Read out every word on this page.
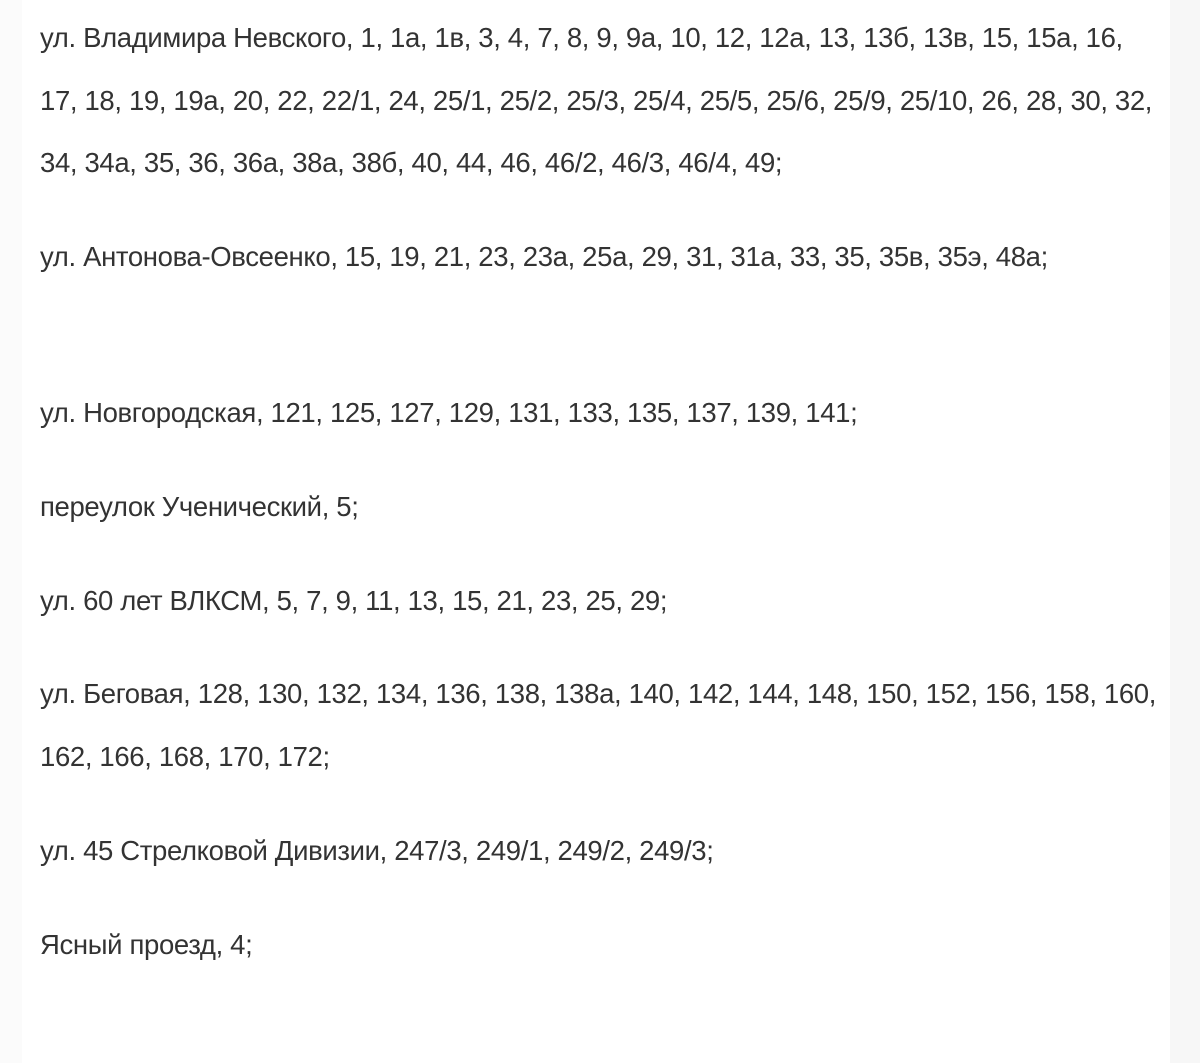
ул. Владимира Невского, 1, 1а, 1в, 3, 4, 7, 8, 9, 9а, 10, 12, 12а, 13, 13б, 13в, 15, 15а, 16, 17, 18, 19, 19а, 20, 22, 22/1, 24, 25/1, 25/2, 25/3, 25/4, 25/5, 25/6, 25/9, 25/10, 26, 28, 30, 32, 34, 34а, 35, 36, 36а, 38а, 38б, 40, 44, 46, 46/2, 46/3, 46/4, 49;

ул. Антонова-Овсеенко, 15, 19, 21, 23, 23а, 25а, 29, 31, 31а, 33, 35, 35в, 35э, 48а;

ул. Новгородская, 121, 125, 127, 129, 131, 133, 135, 137, 139, 141;

переулок Ученический, 5;

ул. 60 лет ВЛКСМ, 5, 7, 9, 11, 13, 15, 21, 23, 25, 29;

ул. Беговая, 128, 130, 132, 134, 136, 138, 138а, 140, 142, 144, 148, 150, 152, 156, 158, 160, 162, 166, 168, 170, 172;

ул. 45 Стрелковой Дивизии, 247/3, 249/1, 249/2, 249/3;

Ясный проезд, 4;
